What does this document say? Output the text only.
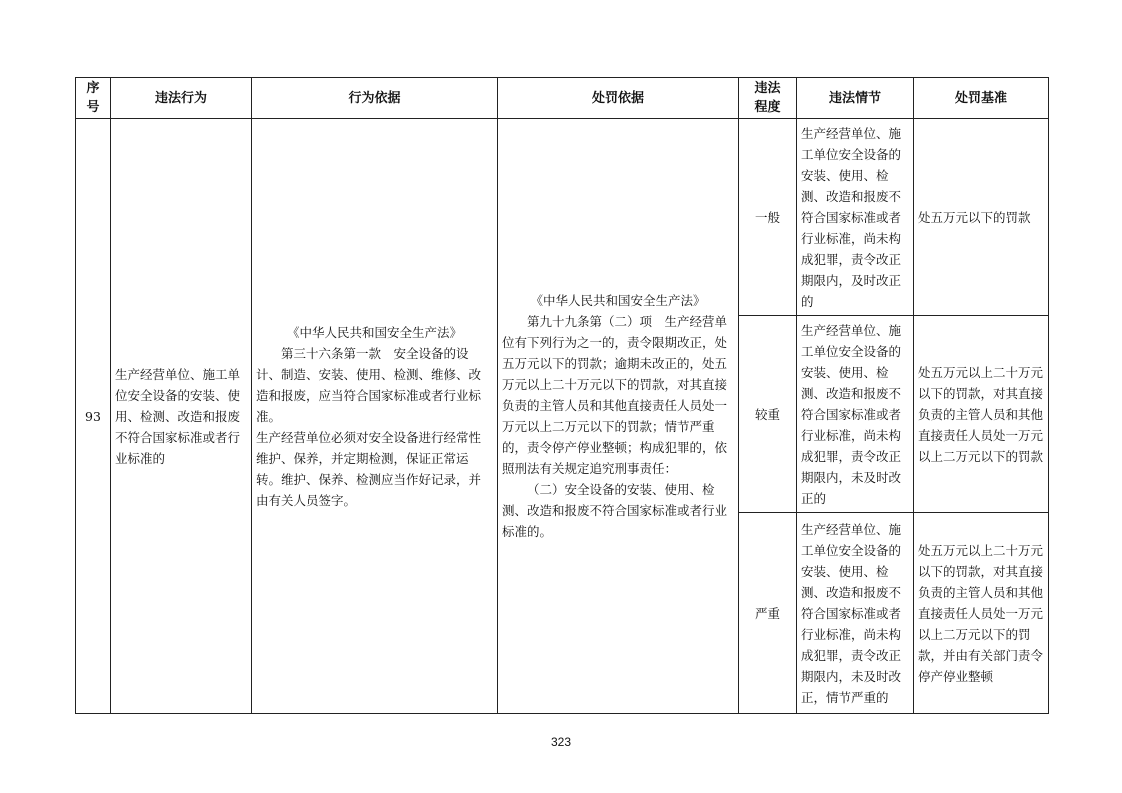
序
号	违法行为	行为依据	处罚依据	违法
程度	违法情节	处罚基准
93	生产经营单位、施工单位安全设备的安装、使用、检测、改造和报废不符合国家标准或者行业标准的	《中华人民共和国安全生产法》
第三十六条第一款　安全设备的设计、制造、安装、使用、检测、维修、改造和报废，应当符合国家标准或者行业标准。
生产经营单位必须对安全设备进行经常性维护、保养，并定期检测，保证正常运转。维护、保养、检测应当作好记录，并由有关人员签字。	《中华人民共和国安全生产法》
第九十九条第（二）项　生产经营单位有下列行为之一的，责令限期改正，处五万元以下的罚款；逾期未改正的，处五万元以上二十万元以下的罚款，对其直接负责的主管人员和其他直接责任人员处一万元以上二万元以下的罚款；情节严重的，责令停产停业整顿；构成犯罪的，依照刑法有关规定追究刑事责任：
（二）安全设备的安装、使用、检测、改造和报废不符合国家标准或者行业标准的。	一般	生产经营单位、施工单位安全设备的安装、使用、检测、改造和报废不符合国家标准或者行业标准，尚未构成犯罪，责令改正期限内，及时改正的	处五万元以下的罚款
				较重	生产经营单位、施工单位安全设备的安装、使用、检测、改造和报废不符合国家标准或者行业标准，尚未构成犯罪，责令改正期限内，未及时改正的	处五万元以上二十万元以下的罚款，对其直接负责的主管人员和其他直接责任人员处一万元以上二万元以下的罚款
				严重	生产经营单位、施工单位安全设备的安装、使用、检测、改造和报废不符合国家标准或者行业标准，尚未构成犯罪，责令改正期限内，未及时改正，情节严重的	处五万元以上二十万元以下的罚款，对其直接负责的主管人员和其他直接责任人员处一万元以上二万元以下的罚款，并由有关部门责令停产停业整顿
323
